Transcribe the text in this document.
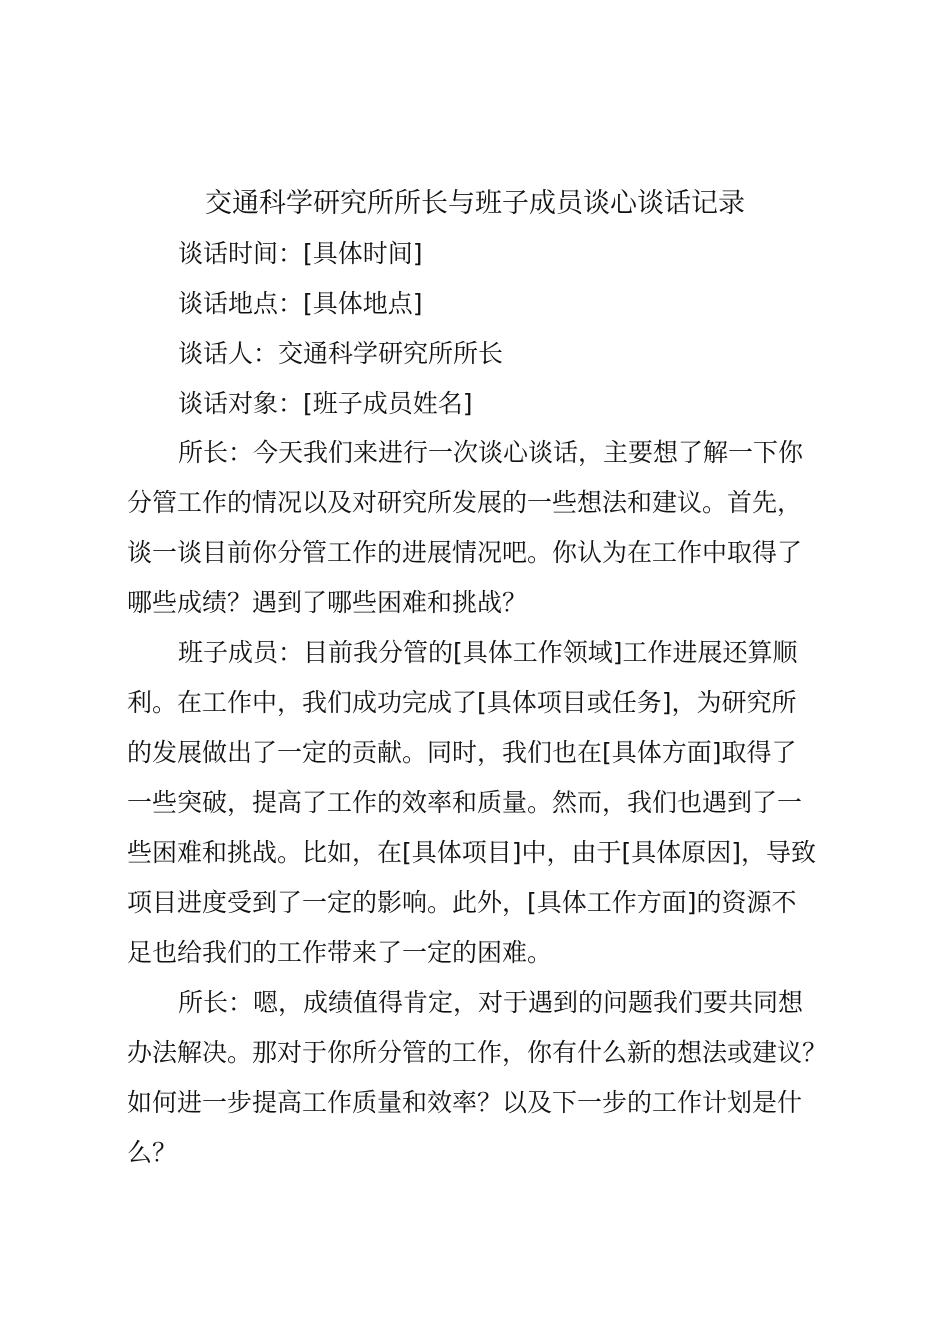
交通科学研究所所长与班子成员谈心谈话记录

谈话时间：[具体时间]

谈话地点：[具体地点]

谈话人：交通科学研究所所长

谈话对象：[班子成员姓名]

所长：今天我们来进行一次谈心谈话，主要想了解一下你
分管工作的情况以及对研究所发展的一些想法和建议。首先，
谈一谈目前你分管工作的进展情况吧。你认为在工作中取得了
哪些成绩？遇到了哪些困难和挑战？
班子成员：目前我分管的[具体工作领域]工作进展还算顺
利。在工作中，我们成功完成了[具体项目或任务]，为研究所
的发展做出了一定的贡献。同时，我们也在[具体方面]取得了
一些突破，提高了工作的效率和质量。然而，我们也遇到了一
些困难和挑战。比如，在[具体项目]中，由于[具体原因]，导致
项目进度受到了一定的影响。此外，[具体工作方面]的资源不
足也给我们的工作带来了一定的困难。
所长：嗯，成绩值得肯定，对于遇到的问题我们要共同想
办法解决。那对于你所分管的工作，你有什么新的想法或建议？
如何进一步提高工作质量和效率？以及下一步的工作计划是什
么？
